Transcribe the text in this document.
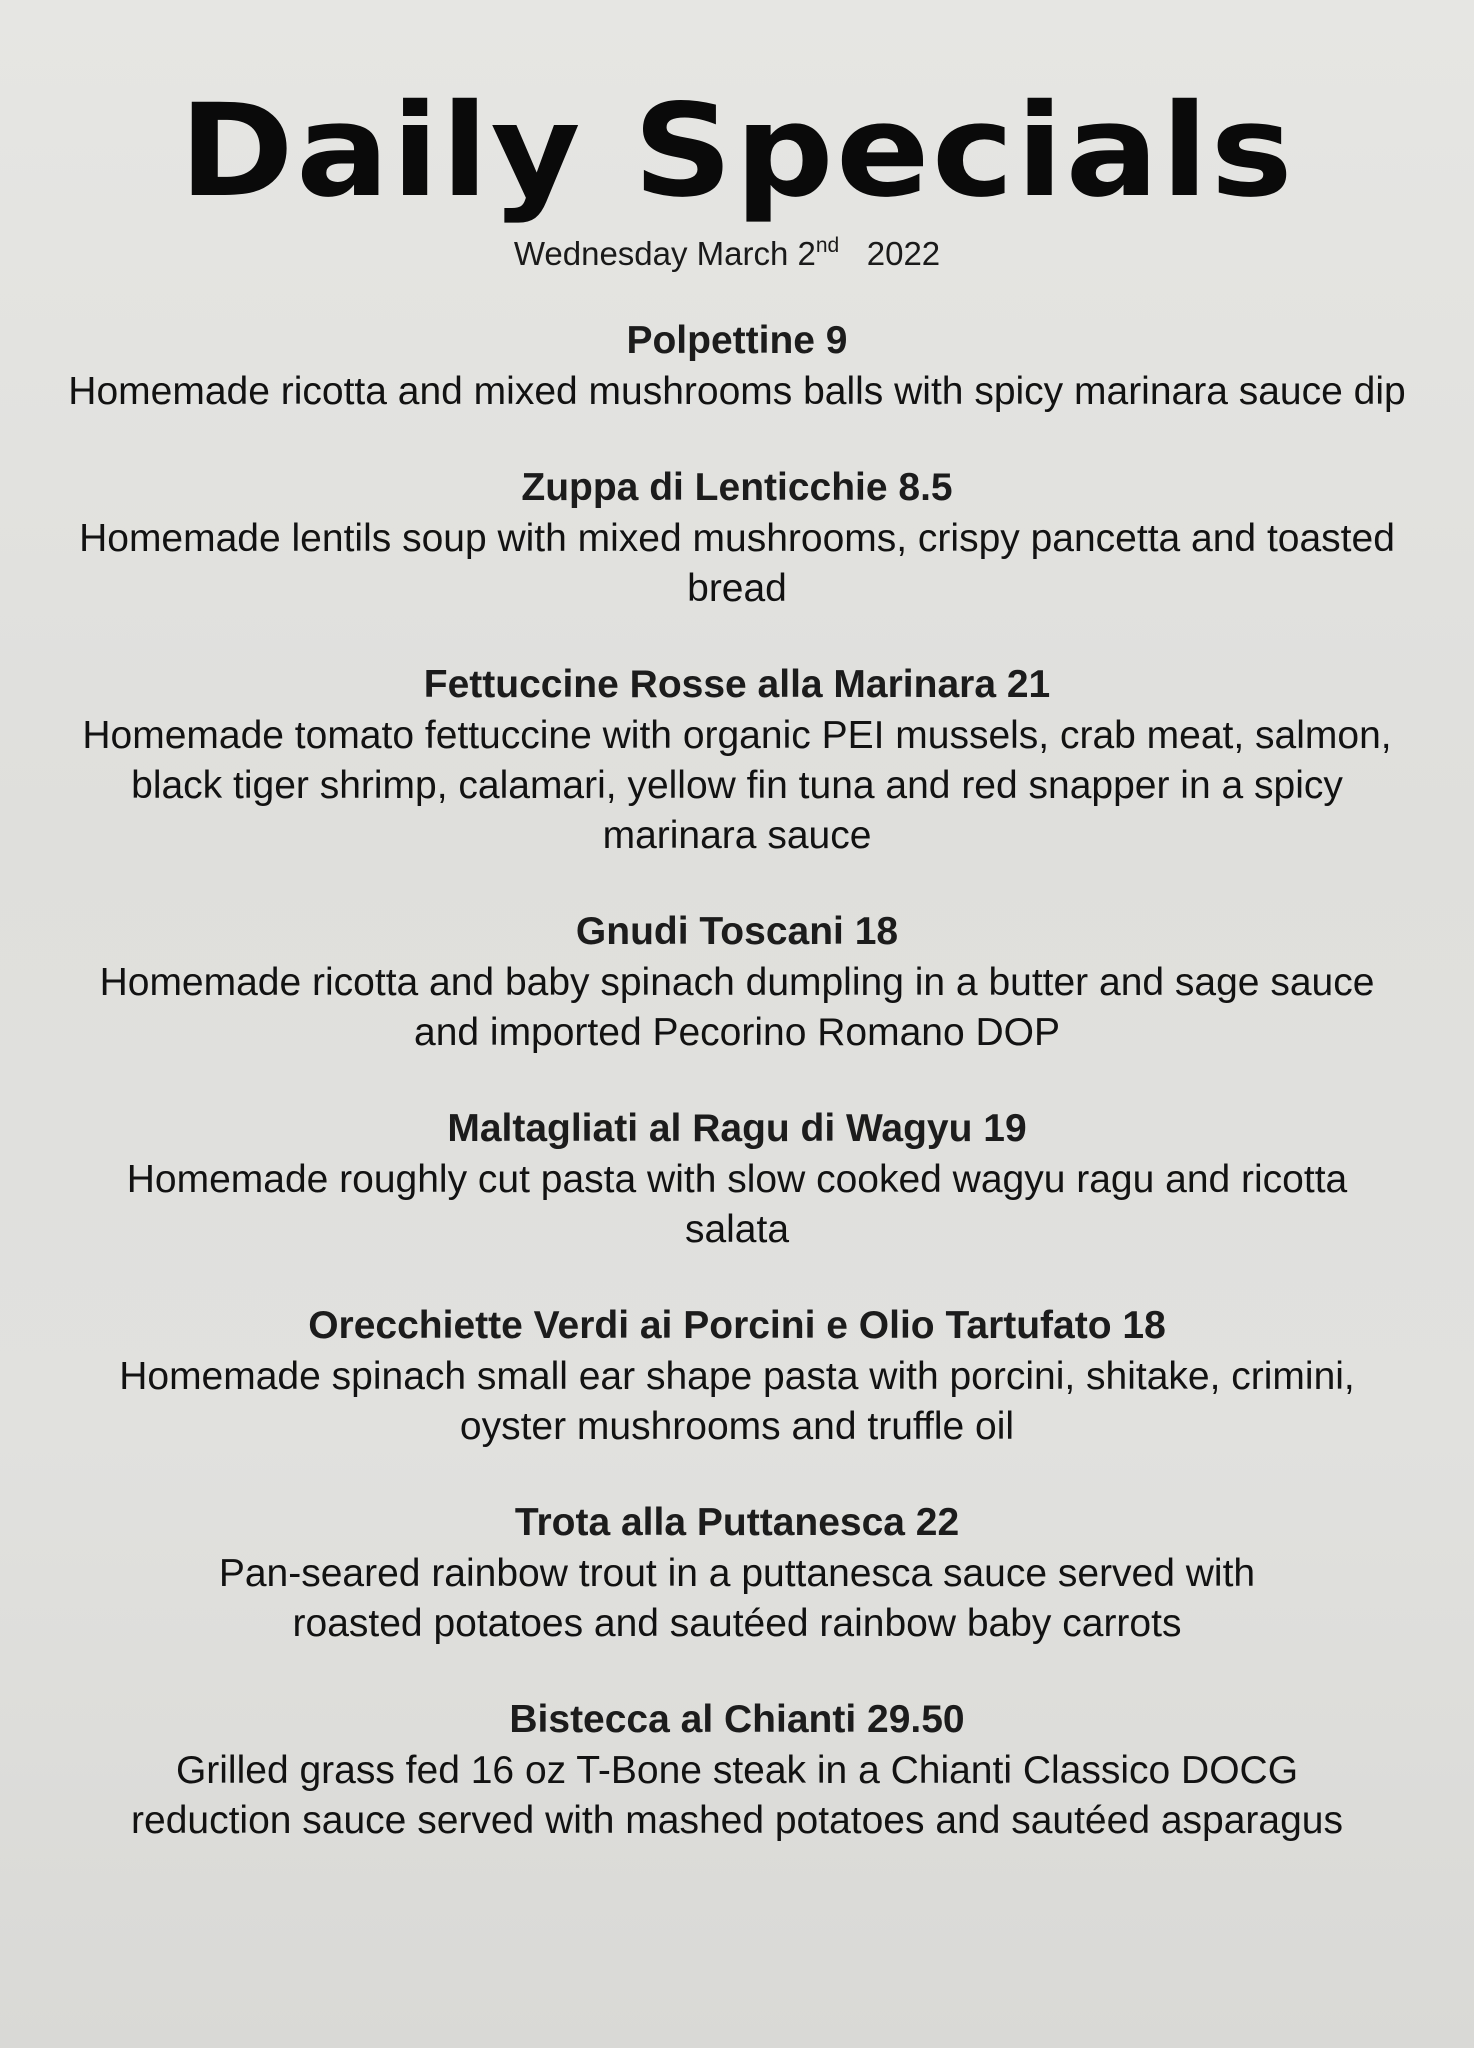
Daily Specials
Wednesday March 2nd 2022
Polpettine 9
Homemade ricotta and mixed mushrooms balls with spicy marinara sauce dip
Zuppa di Lenticchie 8.5
Homemade lentils soup with mixed mushrooms, crispy pancetta and toasted bread
Fettuccine Rosse alla Marinara 21
Homemade tomato fettuccine with organic PEI mussels, crab meat, salmon, black tiger shrimp, calamari, yellow fin tuna and red snapper in a spicy marinara sauce
Gnudi Toscani 18
Homemade ricotta and baby spinach dumpling in a butter and sage sauce and imported Pecorino Romano DOP
Maltagliati al Ragu di Wagyu 19
Homemade roughly cut pasta with slow cooked wagyu ragu and ricotta salata
Orecchiette Verdi ai Porcini e Olio Tartufato 18
Homemade spinach small ear shape pasta with porcini, shitake, crimini, oyster mushrooms and truffle oil
Trota alla Puttanesca 22
Pan-seared rainbow trout in a puttanesca sauce served with roasted potatoes and sautéed rainbow baby carrots
Bistecca al Chianti 29.50
Grilled grass fed 16 oz T-Bone steak in a Chianti Classico DOCG reduction sauce served with mashed potatoes and sautéed asparagus
